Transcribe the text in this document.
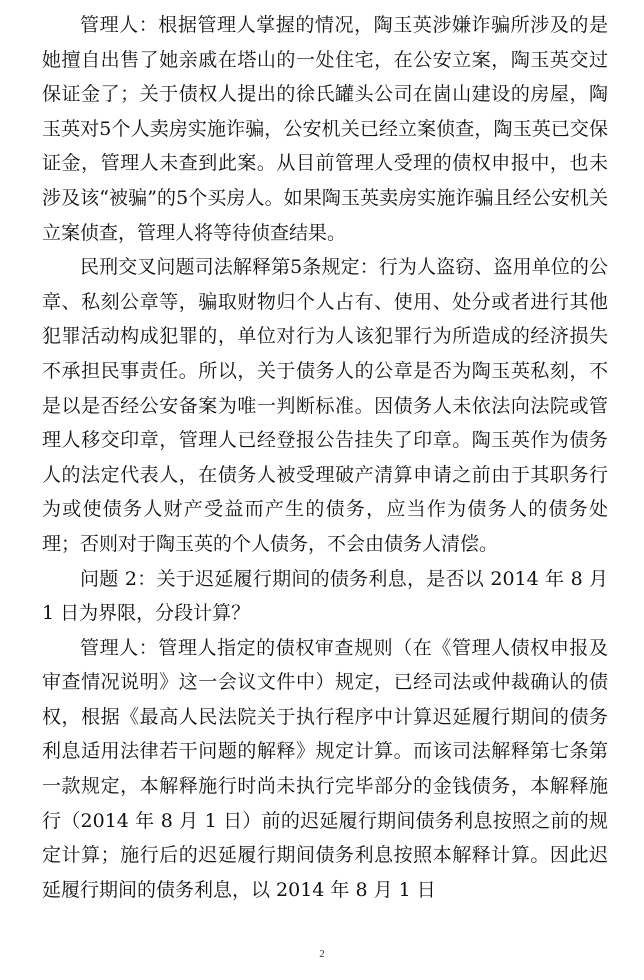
管理人：根据管理人掌握的情况，陶玉英涉嫌诈骗所涉及的是她擅自出售了她亲戚在塔山的一处住宅，在公安立案，陶玉英交过保证金了；关于债权人提出的徐氏罐头公司在崮山建设的房屋，陶玉英对5个人卖房实施诈骗，公安机关已经立案侦查，陶玉英已交保证金，管理人未查到此案。从目前管理人受理的债权申报中，也未涉及该“被骗”的5个买房人。如果陶玉英卖房实施诈骗且经公安机关立案侦查，管理人将等待侦查结果。

民刑交叉问题司法解释第5条规定：行为人盗窃、盗用单位的公章、私刻公章等，骗取财物归个人占有、使用、处分或者进行其他犯罪活动构成犯罪的，单位对行为人该犯罪行为所造成的经济损失不承担民事责任。所以，关于债务人的公章是否为陶玉英私刻，不是以是否经公安备案为唯一判断标准。因债务人未依法向法院或管理人移交印章，管理人已经登报公告挂失了印章。陶玉英作为债务人的法定代表人，在债务人被受理破产清算申请之前由于其职务行为或使债务人财产受益而产生的债务，应当作为债务人的债务处理；否则对于陶玉英的个人债务，不会由债务人清偿。

问题 2：关于迟延履行期间的债务利息，是否以 2014 年 8 月 1 日为界限，分段计算？

管理人：管理人指定的债权审查规则（在《管理人债权申报及审查情况说明》这一会议文件中）规定，已经司法或仲裁确认的债权，根据《最高人民法院关于执行程序中计算迟延履行期间的债务利息适用法律若干问题的解释》规定计算。而该司法解释第七条第一款规定，本解释施行时尚未执行完毕部分的金钱债务，本解释施行（2014 年 8 月 1 日）前的迟延履行期间债务利息按照之前的规定计算；施行后的迟延履行期间债务利息按照本解释计算。因此迟延履行期间的债务利息，以 2014 年 8 月 1 日

2
